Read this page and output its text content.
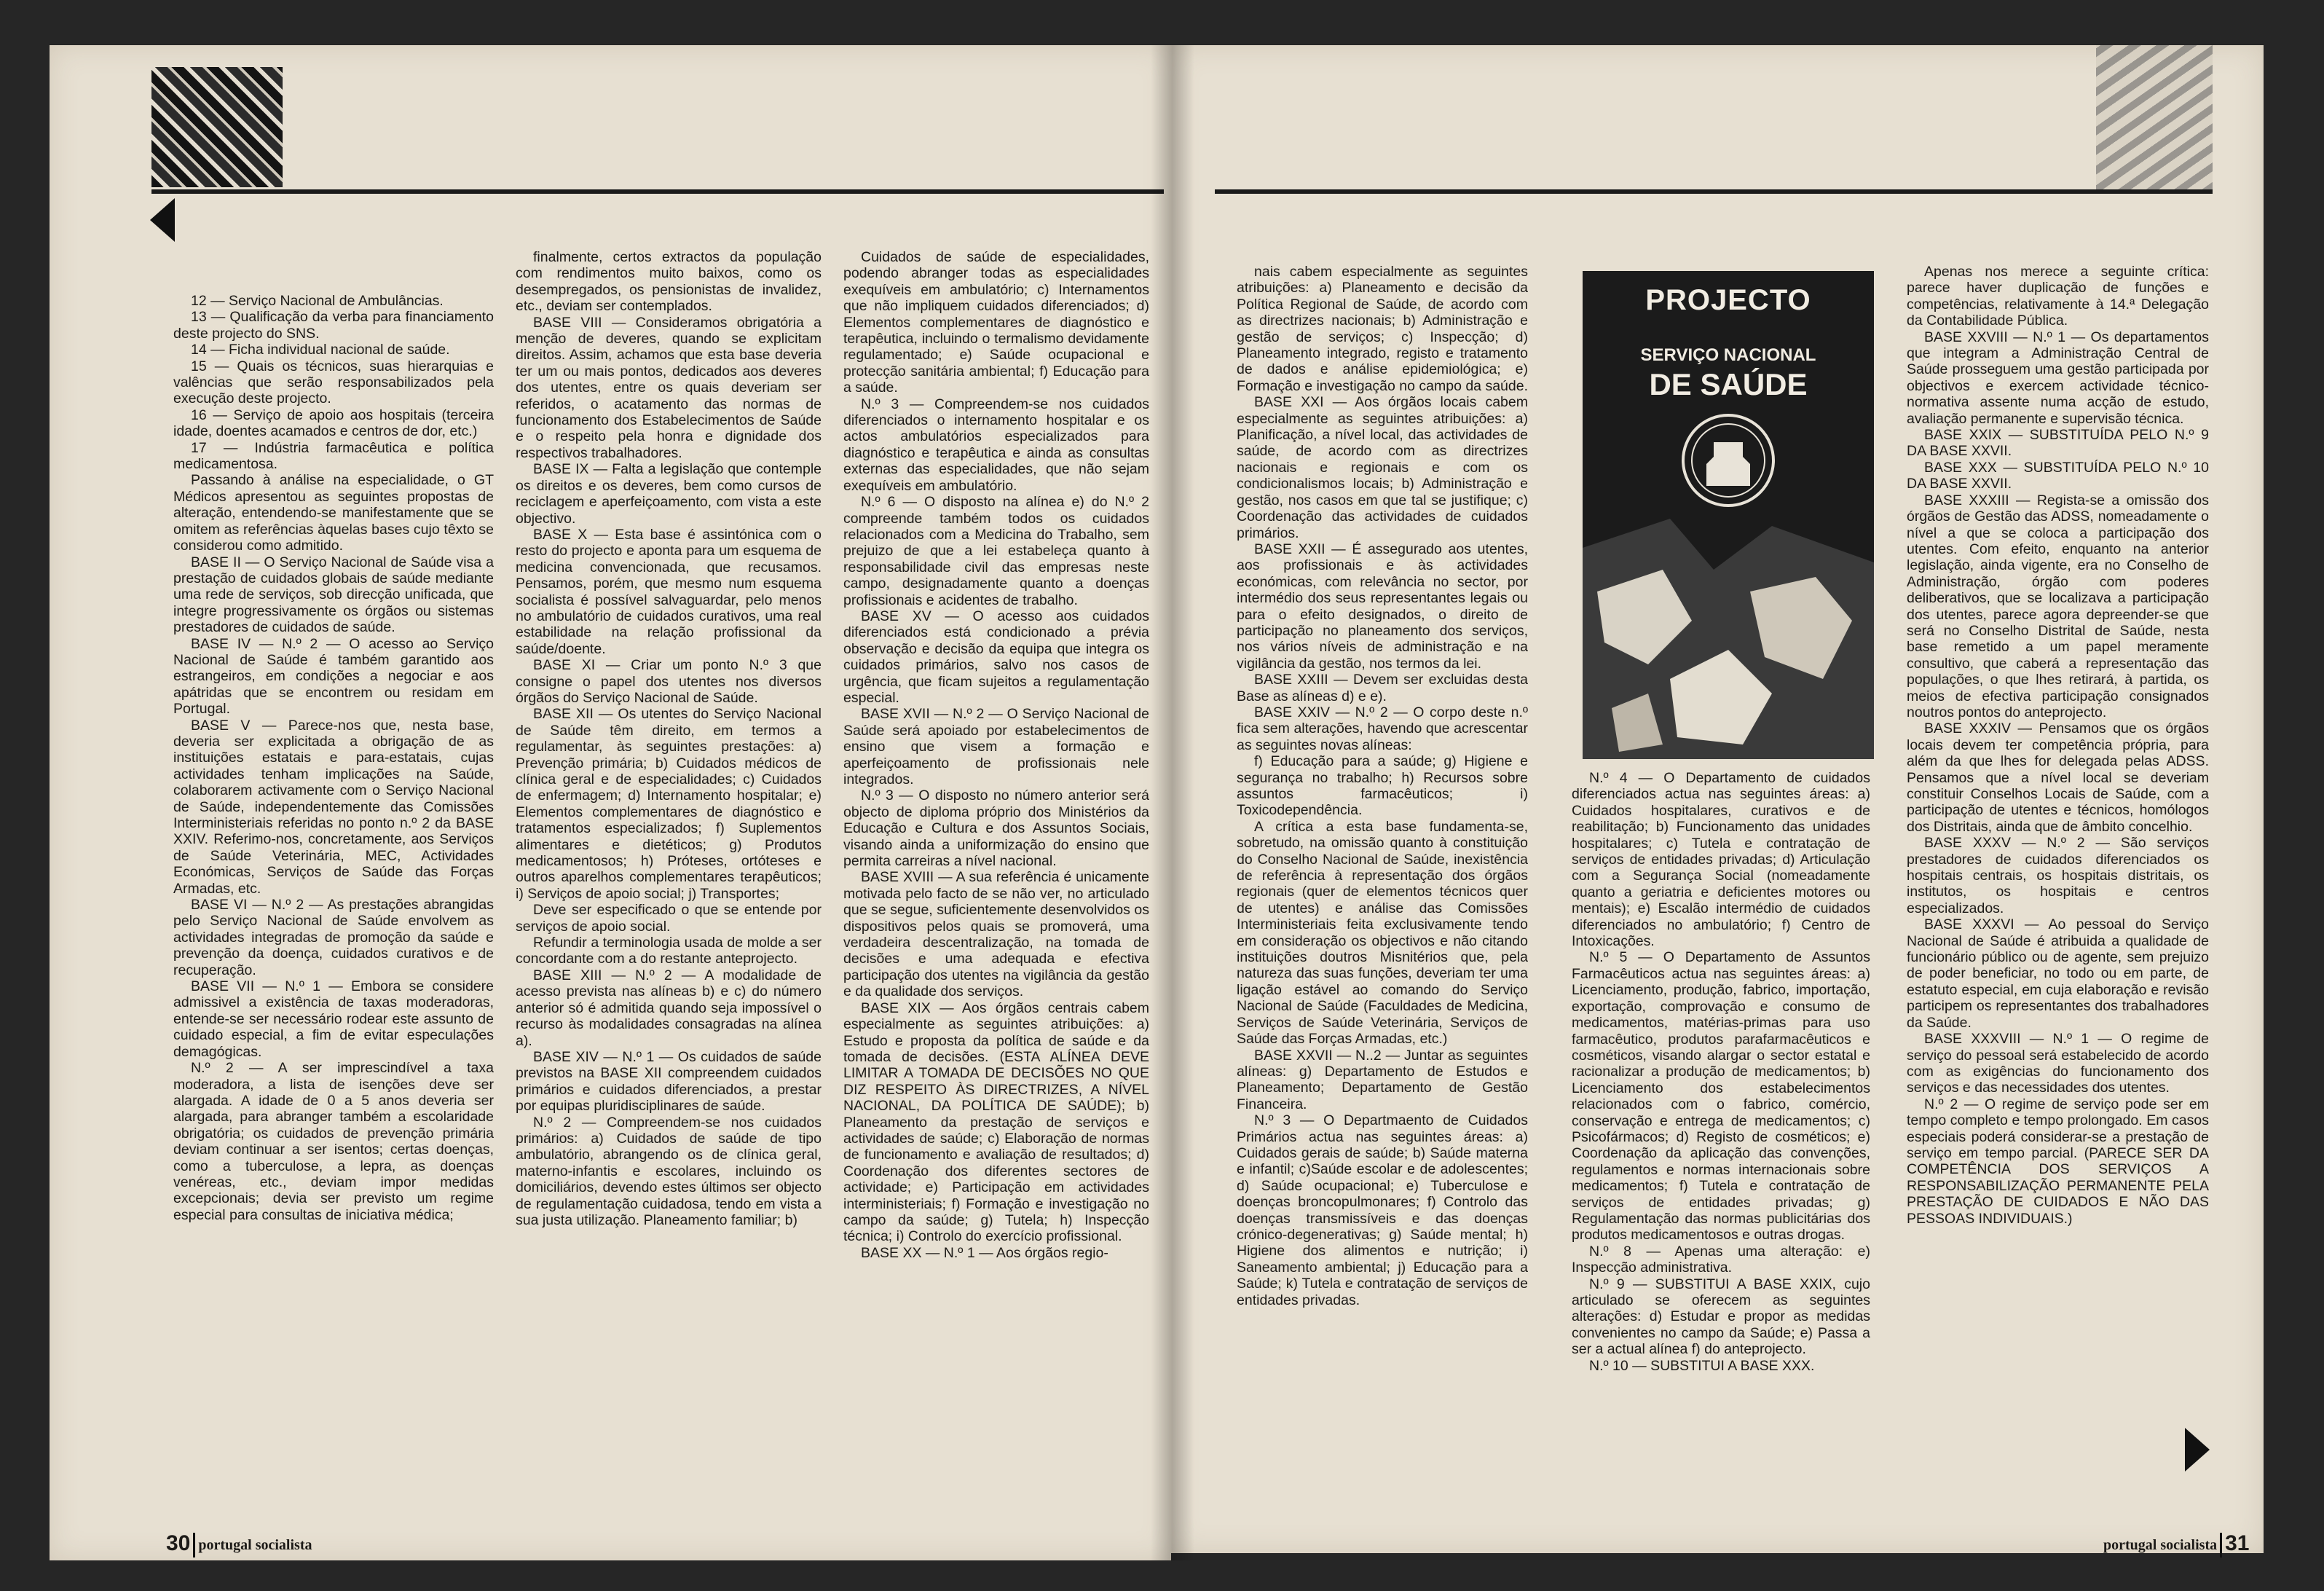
12 — Serviço Nacional de Ambulâncias.

13 — Qualificação da verba para financiamento deste projecto do SNS.

14 — Ficha individual nacional de saúde.

15 — Quais os técnicos, suas hierarquias e valências que serão responsabilizados pela execução deste projecto.

16 — Serviço de apoio aos hospitais (terceira idade, doentes acamados e centros de dor, etc.)

17 — Indústria farmacêutica e política medicamentosa.

Passando à análise na especialidade, o GT Médicos apresentou as seguintes propostas de alteração, entendendo-se manifestamente que se omitem as referências àquelas bases cujo têxto se considerou como admitido.

BASE II — O Serviço Nacional de Saúde visa a prestação de cuidados globais de saúde mediante uma rede de serviços, sob direcção unificada, que integre progressivamente os órgãos ou sistemas prestadores de cuidados de saúde.

BASE IV — N.º 2 — O acesso ao Serviço Nacional de Saúde é também garantido aos estrangeiros, em condições a negociar e aos apátridas que se encontrem ou residam em Portugal.

BASE V — Parece-nos que, nesta base, deveria ser explicitada a obrigação de as instituições estatais e para-estatais, cujas actividades tenham implicações na Saúde, colaborarem activamente com o Serviço Nacional de Saúde, independentemente das Comissões Interministeriais referidas no ponto n.º 2 da BASE XXIV. Referimo-nos, concretamente, aos Serviços de Saúde Veterinária, MEC, Actividades Económicas, Serviços de Saúde das Forças Armadas, etc.

BASE VI — N.º 2 — As prestações abrangidas pelo Serviço Nacional de Saúde envolvem as actividades integradas de promoção da saúde e prevenção da doença, cuidados curativos e de recuperação.

BASE VII — N.º 1 — Embora se considere admissivel a existência de taxas moderadoras, entende-se ser necessário rodear este assunto de cuidado especial, a fim de evitar especulações demagógicas.

N.º 2 — A ser imprescindível a taxa moderadora, a lista de isenções deve ser alargada. A idade de 0 a 5 anos deveria ser alargada, para abranger também a escolaridade obrigatória; os cuidados de prevenção primária deviam continuar a ser isentos; certas doenças, como a tuberculose, a lepra, as doenças venéreas, etc., deviam impor medidas excepcionais; devia ser previsto um regime especial para consultas de iniciativa médica;

finalmente, certos extractos da população com rendimentos muito baixos, como os desempregados, os pensionistas de invalidez, etc., deviam ser contemplados.

BASE VIII — Consideramos obrigatória a menção de deveres, quando se explicitam direitos. Assim, achamos que esta base deveria ter um ou mais pontos, dedicados aos deveres dos utentes, entre os quais deveriam ser referidos, o acatamento das normas de funcionamento dos Estabelecimentos de Saúde e o respeito pela honra e dignidade dos respectivos trabalhadores.

BASE IX — Falta a legislação que contemple os direitos e os deveres, bem como cursos de reciclagem e aperfeiçoamento, com vista a este objectivo.

BASE X — Esta base é assintónica com o resto do projecto e aponta para um esquema de medicina convencionada, que recusamos. Pensamos, porém, que mesmo num esquema socialista é possível salvaguardar, pelo menos no ambulatório de cuidados curativos, uma real estabilidade na relação profissional da saúde/doente.

BASE XI — Criar um ponto N.º 3 que consigne o papel dos utentes nos diversos órgãos do Serviço Nacional de Saúde.

BASE XII — Os utentes do Serviço Nacional de Saúde têm direito, em termos a regulamentar, às seguintes prestações: a) Prevenção primária; b) Cuidados médicos de clínica geral e de especialidades; c) Cuidados de enfermagem; d) Internamento hospitalar; e) Elementos complementares de diagnóstico e tratamentos especializados; f) Suplementos alimentares e dietéticos; g) Produtos medicamentosos; h) Próteses, ortóteses e outros aparelhos complementares terapêuticos; i) Serviços de apoio social; j) Transportes;

Deve ser especificado o que se entende por serviços de apoio social.

Refundir a terminologia usada de molde a ser concordante com a do restante anteprojecto.

BASE XIII — N.º 2 — A modalidade de acesso prevista nas alíneas b) e c) do número anterior só é admitida quando seja impossível o recurso às modalidades consagradas na alínea a).

BASE XIV — N.º 1 — Os cuidados de saúde previstos na BASE XII compreendem cuidados primários e cuidados diferenciados, a prestar por equipas pluridisciplinares de saúde.

N.º 2 — Compreendem-se nos cuidados primários: a) Cuidados de saúde de tipo ambulatório, abrangendo os de clínica geral, materno-infantis e escolares, incluindo os domiciliários, devendo estes últimos ser objecto de regulamentação cuidadosa, tendo em vista a sua justa utilização. Planeamento familiar; b)

Cuidados de saúde de especialidades, podendo abranger todas as especialidades exequíveis em ambulatório; c) Internamentos que não impliquem cuidados diferenciados; d) Elementos complementares de diagnóstico e terapêutica, incluindo o termalismo devidamente regulamentado; e) Saúde ocupacional e protecção sanitária ambiental; f) Educação para a saúde.

N.º 3 — Compreendem-se nos cuidados diferenciados o internamento hospitalar e os actos ambulatórios especializados para diagnóstico e terapêutica e ainda as consultas externas das especialidades, que não sejam exequíveis em ambulatório.

N.º 6 — O disposto na alínea e) do N.º 2 compreende também todos os cuidados relacionados com a Medicina do Trabalho, sem prejuizo de que a lei estabeleça quanto à responsabilidade civil das empresas neste campo, designadamente quanto a doenças profissionais e acidentes de trabalho.

BASE XV — O acesso aos cuidados diferenciados está condicionado a prévia observação e decisão da equipa que integra os cuidados primários, salvo nos casos de urgência, que ficam sujeitos a regulamentação especial.

BASE XVII — N.º 2 — O Serviço Nacional de Saúde será apoiado por estabelecimentos de ensino que visem a formação e aperfeiçoamento de profissionais nele integrados.

N.º 3 — O disposto no número anterior será objecto de diploma próprio dos Ministérios da Educação e Cultura e dos Assuntos Sociais, visando ainda a uniformização do ensino que permita carreiras a nível nacional.

BASE XVIII — A sua referência é unicamente motivada pelo facto de se não ver, no articulado que se segue, suficientemente desenvolvidos os dispositivos pelos quais se promoverá, uma verdadeira descentralização, na tomada de decisões e uma adequada e efectiva participação dos utentes na vigilância da gestão e da qualidade dos serviços.

BASE XIX — Aos órgãos centrais cabem especialmente as seguintes atribuições: a) Estudo e proposta da política de saúde e da tomada de decisões. (ESTA ALÍNEA DEVE LIMITAR A TOMADA DE DECISÕES NO QUE DIZ RESPEITO ÀS DIRECTRIZES, A NÍVEL NACIONAL, DA POLÍTICA DE SAÚDE); b) Planeamento da prestação de serviços e actividades de saúde; c) Elaboração de normas de funcionamento e avaliação de resultados; d) Coordenação dos diferentes sectores de actividade; e) Participação em actividades interministeriais; f) Formação e investigação no campo da saúde; g) Tutela; h) Inspecção técnica; i) Controlo do exercício profissional.

BASE XX — N.º 1 — Aos órgãos regio-

30 portugal socialista

nais cabem especialmente as seguintes atribuições: a) Planeamento e decisão da Política Regional de Saúde, de acordo com as directrizes nacionais; b) Administração e gestão de serviços; c) Inspecção; d) Planeamento integrado, registo e tratamento de dados e análise epidemiológica; e) Formação e investigação no campo da saúde.

BASE XXI — Aos órgãos locais cabem especialmente as seguintes atribuições: a) Planificação, a nível local, das actividades de saúde, de acordo com as directrizes nacionais e regionais e com os condicionalismos locais; b) Administração e gestão, nos casos em que tal se justifique; c) Coordenação das actividades de cuidados primários.

BASE XXII — É assegurado aos utentes, aos profissionais e às actividades económicas, com relevância no sector, por intermédio dos seus representantes legais ou para o efeito designados, o direito de participação no planeamento dos serviços, nos vários níveis de administração e na vigilância da gestão, nos termos da lei.

BASE XXIII — Devem ser excluidas desta Base as alíneas d) e e).

BASE XXIV — N.º 2 — O corpo deste n.º fica sem alterações, havendo que acrescentar as seguintes novas alíneas:

f) Educação para a saúde; g) Higiene e segurança no trabalho; h) Recursos sobre assuntos farmacêuticos; i) Toxicodependência.

A crítica a esta base fundamenta-se, sobretudo, na omissão quanto à constituição do Conselho Nacional de Saúde, inexistência de referência à representação dos órgãos regionais (quer de elementos técnicos quer de utentes) e análise das Comissões Interministeriais feita exclusivamente tendo em consideração os objectivos e não citando instituições doutros Misnitérios que, pela natureza das suas funções, deveriam ter uma ligação estável ao comando do Serviço Nacional de Saúde (Faculdades de Medicina, Serviços de Saúde Veterinária, Serviços de Saúde das Forças Armadas, etc.)

BASE XXVII — N..2 — Juntar as seguintes alíneas: g) Departamento de Estudos e Planeamento; Departamento de Gestão Financeira.

N.º 3 — O Departmaento de Cuidados Primários actua nas seguintes áreas: a) Cuidados gerais de saúde; b) Saúde materna e infantil; c)Saúde escolar e de adolescentes; d) Saúde ocupacional; e) Tuberculose e doenças broncopulmonares; f) Controlo das doenças transmissíveis e das doenças crónico-degenerativas; g) Saúde mental; h) Higiene dos alimentos e nutrição; i) Saneamento ambiental; j) Educação para a Saúde; k) Tutela e contratação de serviços de entidades privadas.

PROJECTO
SERVIÇO NACIONAL
DE SAÚDE

N.º 4 — O Departamento de cuidados diferenciados actua nas seguintes áreas: a) Cuidados hospitalares, curativos e de reabilitação; b) Funcionamento das unidades hospitalares; c) Tutela e contratação de serviços de entidades privadas; d) Articulação com a Segurança Social (nomeadamente quanto a geriatria e deficientes motores ou mentais); e) Escalão intermédio de cuidados diferenciados no ambulatório; f) Centro de Intoxicações.

N.º 5 — O Departamento de Assuntos Farmacêuticos actua nas seguintes áreas: a) Licenciamento, produção, fabrico, importação, exportação, comprovação e consumo de medicamentos, matérias-primas para uso farmacêutico, produtos parafarmacêuticos e cosméticos, visando alargar o sector estatal e racionalizar a produção de medicamentos; b) Licenciamento dos estabelecimentos relacionados com o fabrico, comércio, conservação e entrega de medicamentos; c) Psicofármacos; d) Registo de cosméticos; e) Coordenação da aplicação das convenções, regulamentos e normas internacionais sobre medicamentos; f) Tutela e contratação de serviços de entidades privadas; g) Regulamentação das normas publicitárias dos produtos medicamentosos e outras drogas.

N.º 8 — Apenas uma alteração: e) Inspecção administrativa.

N.º 9 — SUBSTITUI A BASE XXIX, cujo articulado se oferecem as seguintes alterações: d) Estudar e propor as medidas convenientes no campo da Saúde; e) Passa a ser a actual alínea f) do anteprojecto.

N.º 10 — SUBSTITUI A BASE XXX.

Apenas nos merece a seguinte crítica: parece haver duplicação de funções e competências, relativamente à 14.ª Delegação da Contabilidade Pública.

BASE XXVIII — N.º 1 — Os departamentos que integram a Administração Central de Saúde prosseguem uma gestão participada por objectivos e exercem actividade técnico-normativa assente numa acção de estudo, avaliação permanente e supervisão técnica.

BASE XXIX — SUBSTITUÍDA PELO N.º 9 DA BASE XXVII.

BASE XXX — SUBSTITUÍDA PELO N.º 10 DA BASE XXVII.

BASE XXXIII — Regista-se a omissão dos órgãos de Gestão das ADSS, nomeadamente o nível a que se coloca a participação dos utentes. Com efeito, enquanto na anterior legislação, ainda vigente, era no Conselho de Administração, órgão com poderes deliberativos, que se localizava a participação dos utentes, parece agora depreender-se que será no Conselho Distrital de Saúde, nesta base remetido a um papel meramente consultivo, que caberá a representação das populações, o que lhes retirará, à partida, os meios de efectiva participação consignados noutros pontos do anteprojecto.

BASE XXXIV — Pensamos que os órgãos locais devem ter competência própria, para além da que lhes for delegada pelas ADSS. Pensamos que a nível local se deveriam constituir Conselhos Locais de Saúde, com a participação de utentes e técnicos, homólogos dos Distritais, ainda que de âmbito concelhio.

BASE XXXV — N.º 2 — São serviços prestadores de cuidados diferenciados os hospitais centrais, os hospitais distritais, os institutos, os hospitais e centros especializados.

BASE XXXVI — Ao pessoal do Serviço Nacional de Saúde é atribuida a qualidade de funcionário público ou de agente, sem prejuizo de poder beneficiar, no todo ou em parte, de estatuto especial, em cuja elaboração e revisão participem os representantes dos trabalhadores da Saúde.

BASE XXXVIII — N.º 1 — O regime de serviço do pessoal será estabelecido de acordo com as exigências do funcionamento dos serviços e das necessidades dos utentes.

N.º 2 — O regime de serviço pode ser em tempo completo e tempo prolongado. Em casos especiais poderá considerar-se a prestação de serviço em tempo parcial. (PARECE SER DA COMPETÊNCIA DOS SERVIÇOS A RESPONSABILIZAÇÃO PERMANENTE PELA PRESTAÇÃO DE CUIDADOS E NÃO DAS PESSOAS INDIVIDUAIS.)

portugal socialista 31
